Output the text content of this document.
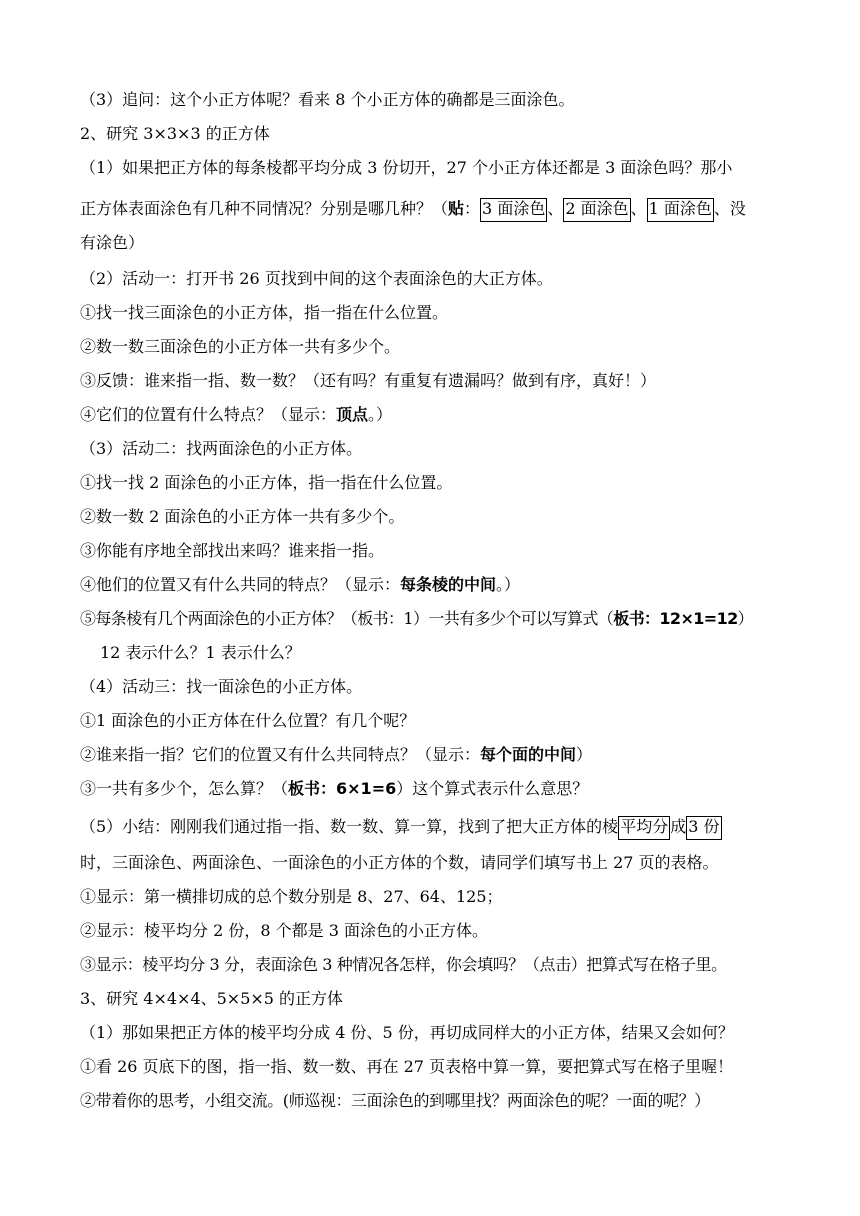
（3）追问：这个小正方体呢？看来 8 个小正方体的确都是三面涂色。
2、研究 3×3×3 的正方体
（1）如果把正方体的每条棱都平均分成 3 份切开，27 个小正方体还都是 3 面涂色吗？那小
正方体表面涂色有几种不同情况？分别是哪几种？（贴： 3 面涂色 、 2 面涂色 、 1 面涂色 、没
有涂色）
（2）活动一：打开书 26 页找到中间的这个表面涂色的大正方体。
①找一找三面涂色的小正方体，指一指在什么位置。
②数一数三面涂色的小正方体一共有多少个。
③反馈：谁来指一指、数一数？（还有吗？有重复有遗漏吗？做到有序，真好！）
④它们的位置有什么特点？（显示：顶点。）
（3）活动二：找两面涂色的小正方体。
①找一找 2 面涂色的小正方体，指一指在什么位置。
②数一数 2 面涂色的小正方体一共有多少个。
③你能有序地全部找出来吗？谁来指一指。
④他们的位置又有什么共同的特点？（显示：每条棱的中间。）
⑤每条棱有几个两面涂色的小正方体？（板书：1）一共有多少个可以写算式（板书：12×1=12）
12 表示什么？1 表示什么？
（4）活动三：找一面涂色的小正方体。
①1 面涂色的小正方体在什么位置？有几个呢？
②谁来指一指？它们的位置又有什么共同特点？（显示：每个面的中间）
③一共有多少个，怎么算？（板书：6×1=6）这个算式表示什么意思？
（5）小结：刚刚我们通过指一指、数一数、算一算，找到了把大正方体的棱 平均分 成 3 份
时，三面涂色、两面涂色、一面涂色的小正方体的个数，请同学们填写书上 27 页的表格。
①显示：第一横排切成的总个数分别是 8、27、64、125；
②显示：棱平均分 2 份，8 个都是 3 面涂色的小正方体。
③显示：棱平均分 3 分，表面涂色 3 种情况各怎样，你会填吗？（点击）把算式写在格子里。
3、研究 4×4×4、5×5×5 的正方体
（1）那如果把正方体的棱平均分成 4 份、5 份，再切成同样大的小正方体，结果又会如何？
①看 26 页底下的图，指一指、数一数、再在 27 页表格中算一算，要把算式写在格子里喔！
②带着你的思考，小组交流。(师巡视：三面涂色的到哪里找？两面涂色的呢？一面的呢？）
